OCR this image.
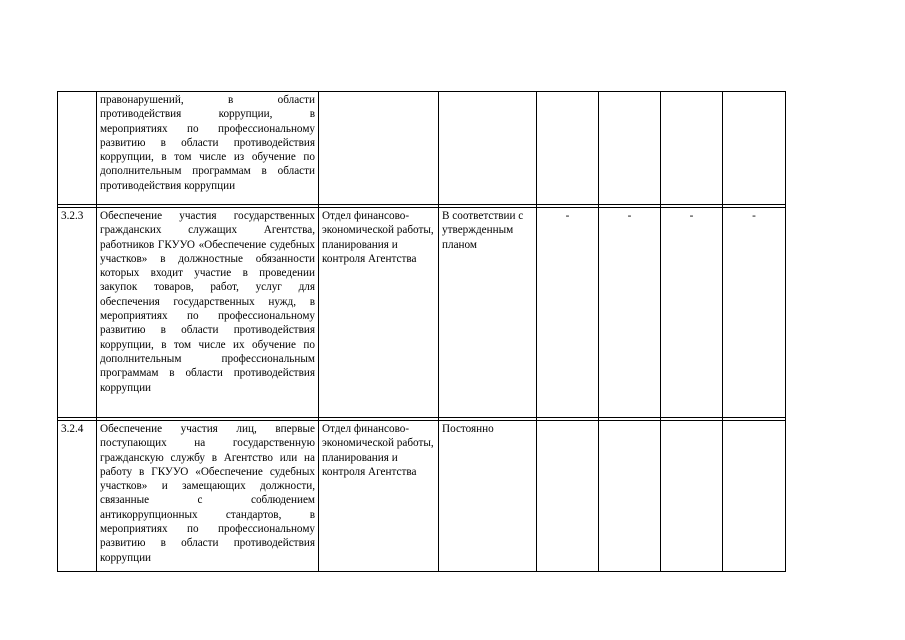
	правонарушений, в области противодействия коррупции, в мероприятиях по профессиональному развитию в области противодействия коррупции, в том числе из обучение по дополнительным программам в области противодействия коррупции						

3.2.3	Обеспечение участия государственных гражданских служащих Агентства, работников ГКУУО «Обеспечение судебных участков» в должностные обязанности которых входит участие в проведении закупок товаров, работ, услуг для обеспечения государственных нужд, в мероприятиях по профессиональному развитию в области противодействия коррупции, в том числе их обучение по дополнительным профессиональным программам в области противодействия коррупции	Отдел финансово-экономической работы, планирования и контроля Агентства	В соответствии с утвержденным планом	-	-	-	-

3.2.4	Обеспечение участия лиц, впервые поступающих на государственную гражданскую службу в Агентство или на работу в ГКУУО «Обеспечение судебных участков» и замещающих должности, связанные с соблюдением антикоррупционных стандартов, в мероприятиях по профессиональному развитию в области противодействия коррупции	Отдел финансово-экономической работы, планирования и контроля Агентства	Постоянно				
